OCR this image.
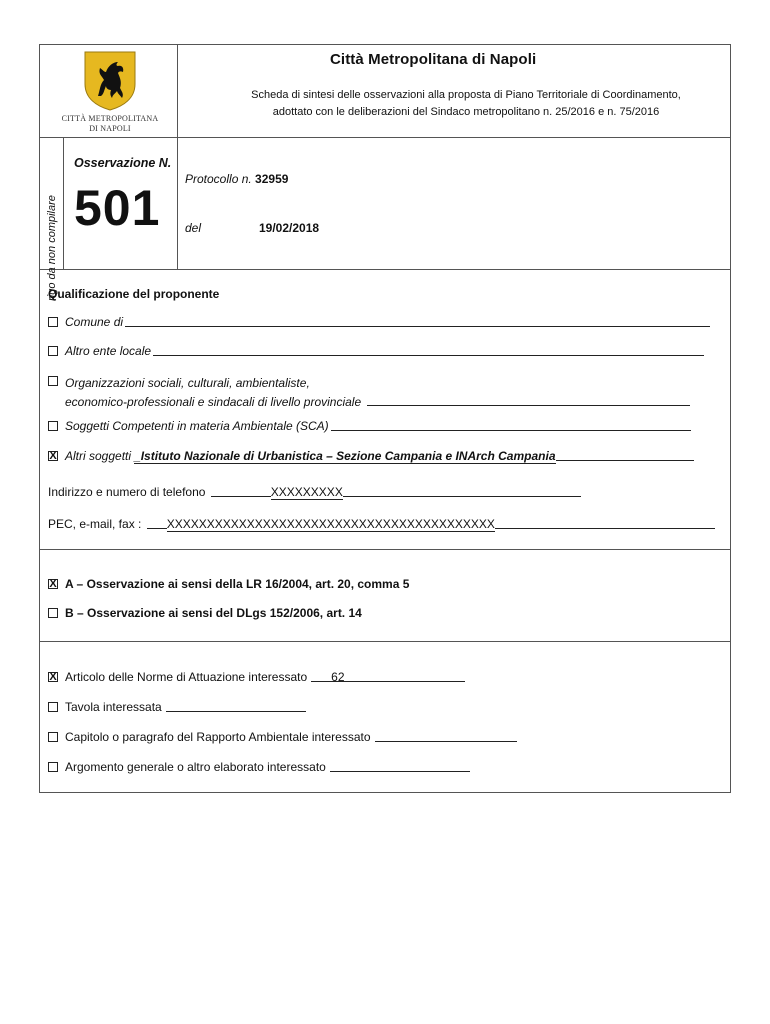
CITTÀ METROPOLITANA
DI NAPOLI
Città Metropolitana di Napoli
Scheda di sintesi delle osservazioni alla proposta di Piano Territoriale di Coordinamento,
adottato con le deliberazioni del Sindaco metropolitano n. 25/2016 e n. 75/2016
rigo da non compilare
Osservazione N.
501
Protocollo n. 32959
del	19/02/2018
Qualificazione del proponente
Comune di
Altro ente locale
Organizzazioni sociali, culturali, ambientaliste,
economico-professionali e sindacali di livello provinciale
Soggetti Competenti in materia Ambientale (SCA)
X Altri soggetti _Istituto Nazionale di Urbanistica – Sezione Campania e INArch Campania
Indirizzo e numero di telefono	XXXXXXXXX
PEC, e-mail, fax : XXXXXXXXXXXXXXXXXXXXXXXXXXXXXXXXXXXXXXXXX
X A – Osservazione ai sensi della LR 16/2004, art. 20, comma 5
B – Osservazione ai sensi del DLgs 152/2006, art. 14
X Articolo delle Norme di Attuazione interessato 62
Tavola interessata
Capitolo o paragrafo del Rapporto Ambientale interessato
Argomento generale o altro elaborato interessato
